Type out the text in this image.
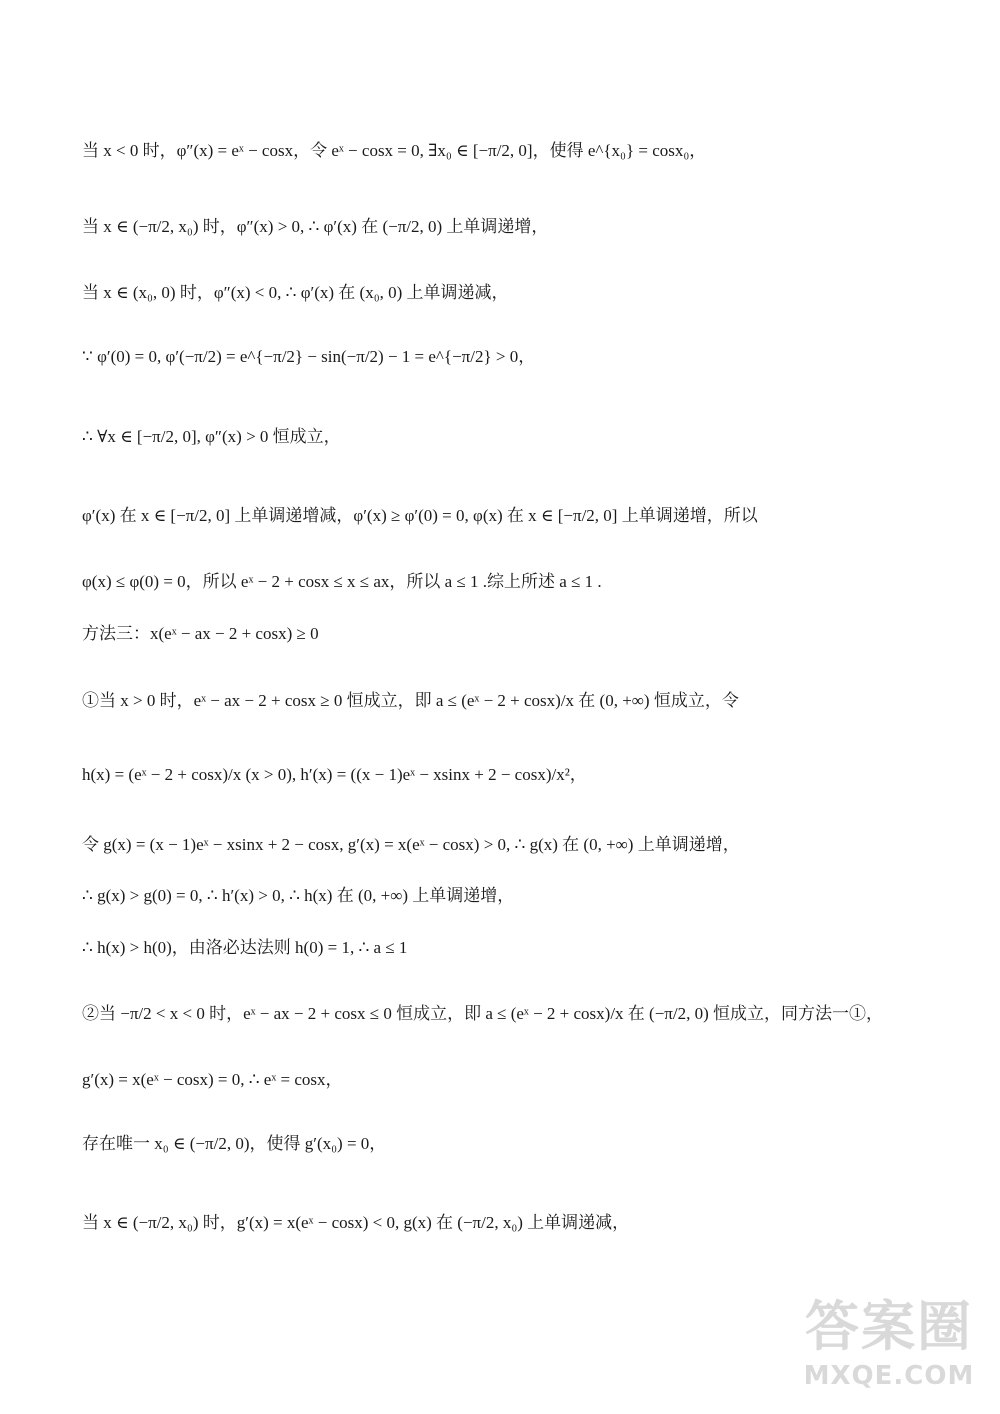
当 x < 0 时，φ″(x) = eˣ − cosx，令 eˣ − cosx = 0, ∃x₀ ∈ [−π/2, 0]，使得 e^{x₀} = cosx₀，
当 x ∈ (−π/2, x₀) 时，φ″(x) > 0, ∴ φ′(x) 在 (−π/2, 0) 上单调递增，
当 x ∈ (x₀, 0) 时，φ″(x) < 0, ∴ φ′(x) 在 (x₀, 0) 上单调递减，
∵ φ′(0) = 0, φ′(−π/2) = e^{−π/2} − sin(−π/2) − 1 = e^{−π/2} > 0，
∴ ∀x ∈ [−π/2, 0], φ″(x) > 0 恒成立，
φ′(x) 在 x ∈ [−π/2, 0] 上单调递增减，φ′(x) ≥ φ′(0) = 0, φ(x) 在 x ∈ [−π/2, 0] 上单调递增，所以
φ(x) ≤ φ(0) = 0，所以 eˣ − 2 + cosx ≤ x ≤ ax，所以 a ≤ 1 .综上所述 a ≤ 1 .
方法三：x(eˣ − ax − 2 + cosx) ≥ 0
①当 x > 0 时，eˣ − ax − 2 + cosx ≥ 0 恒成立，即 a ≤ (eˣ − 2 + cosx)/x 在 (0, +∞) 恒成立，令
h(x) = (eˣ − 2 + cosx)/x (x > 0), h′(x) = ((x − 1)eˣ − xsinx + 2 − cosx)/x²，
令 g(x) = (x − 1)eˣ − xsinx + 2 − cosx, g′(x) = x(eˣ − cosx) > 0, ∴ g(x) 在 (0, +∞) 上单调递增，
∴ g(x) > g(0) = 0, ∴ h′(x) > 0, ∴ h(x) 在 (0, +∞) 上单调递增，
∴ h(x) > h(0)，由洛必达法则 h(0) = 1, ∴ a ≤ 1
②当 −π/2 < x < 0 时，eˣ − ax − 2 + cosx ≤ 0 恒成立，即 a ≤ (eˣ − 2 + cosx)/x 在 (−π/2, 0) 恒成立，同方法一①，
g′(x) = x(eˣ − cosx) = 0, ∴ eˣ = cosx，
存在唯一 x₀ ∈ (−π/2, 0)，使得 g′(x₀) = 0，
当 x ∈ (−π/2, x₀) 时，g′(x) = x(eˣ − cosx) < 0, g(x) 在 (−π/2, x₀) 上单调递减，
答案圈
MXQE.COM
